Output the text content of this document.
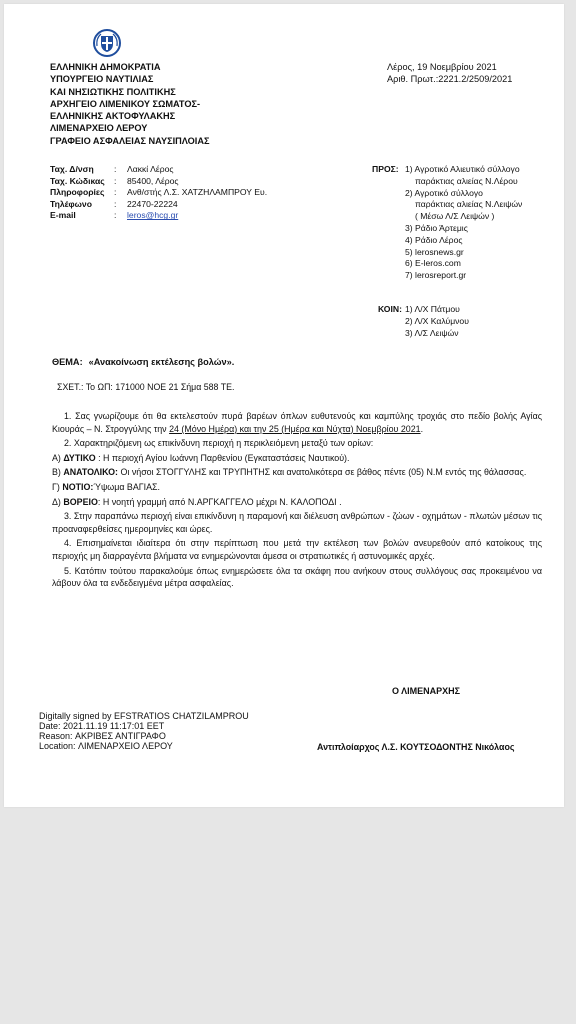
ΕΛΛΗΝΙΚΗ ΔΗΜΟΚΡΑΤΙΑ
ΥΠΟΥΡΓΕΙΟ ΝΑΥΤΙΛΙΑΣ
ΚΑΙ ΝΗΣΙΩΤΙΚΗΣ ΠΟΛΙΤΙΚΗΣ
ΑΡΧΗΓΕΙΟ ΛΙΜΕΝΙΚΟΥ ΣΩΜΑΤΟΣ-
ΕΛΛΗΝΙΚΗΣ ΑΚΤΟΦΥΛΑΚΗΣ
ΛΙΜΕΝΑΡΧΕΙΟ ΛΕΡΟΥ
ΓΡΑΦΕΙΟ ΑΣΦΑΛΕΙΑΣ ΝΑΥΣΙΠΛΟΙΑΣ
Λέρος, 19 Νοεμβρίου 2021
Αριθ. Πρωτ.:2221.2/2509/2021
Ταχ. Δ/νση	:	Λακκί Λέρος
Ταχ. Κώδικας	:	85400, Λέρος
Πληροφορίες	:	Ανθ/στής Λ.Σ. ΧΑΤΖΗΛΑΜΠΡΟΥ Ευ.
Τηλέφωνο	:	22470-22224
E-mail	:	leros@hcg.gr
ΠΡΟΣ: 1) Αγροτικό Αλιευτικό σύλλογο
παράκτιας αλιείας Ν.Λέρου
2) Αγροτικό σύλλογο
παράκτιας αλιείας Ν.Λειψών
( Μέσω Λ/Σ Λειψών )
3) Ράδιο Άρτεμις
4) Ράδιο Λέρος
5) lerosnews.gr
6) E-leros.com
7) lerosreport.gr
ΚΟΙΝ: 1) Λ/Χ Πάτμου
2) Λ/Χ Καλύμνου
3) Λ/Σ Λειψών
ΘΕΜΑ: «Ανακοίνωση εκτέλεσης βολών».
ΣΧΕΤ.: Το ΩΠ: 171000 ΝΟΕ 21 Σήμα 588 ΤΕ.

1. Σας γνωρίζουμε ότι θα εκτελεστούν πυρά βαρέων όπλων ευθυτενούς και καμπύλης τροχιάς στο πεδίο βολής Αγίας Κιουράς – Ν. Στρογγύλης την 24 (Μόνο Ημέρα) και την 25 (Ημέρα και Νύχτα) Νοεμβρίου 2021.

2. Χαρακτηριζόμενη ως επικίνδυνη περιοχή η περικλειόμενη μεταξύ των ορίων:

Α) ΔΥΤΙΚΟ : Η περιοχή Αγίου Ιωάννη Παρθενίου (Εγκαταστάσεις Ναυτικού).

Β) ΑΝΑΤΟΛΙΚΟ: Οι νήσοι ΣΤΟΓΓΥΛΗΣ και ΤΡΥΠΗΤΗΣ και ανατολικότερα σε βάθος πέντε (05) Ν.Μ εντός της θάλασσας.

Γ) ΝΟΤΙΟ:Ύψωμα ΒΑΓΙΑΣ.

Δ) ΒΟΡΕΙΟ: Η νοητή γραμμή από Ν.ΑΡΓΚΑΓΓΕΛΟ μέχρι Ν. ΚΑΛΟΠΟΔΙ .

3. Στην παραπάνω περιοχή είναι επικίνδυνη η παραμονή και διέλευση ανθρώπων - ζώων - οχημάτων - πλωτών μέσων τις προαναφερθείσες ημερομηνίες και ώρες.

4. Επισημαίνεται ιδιαίτερα ότι στην περίπτωση που μετά την εκτέλεση των βολών ανευρεθούν από κατοίκους της περιοχής μη διαρραγέντα βλήματα να ενημερώνονται άμεσα οι στρατιωτικές ή αστυνομικές αρχές.

5. Κατόπιν τούτου παρακαλούμε όπως ενημερώσετε όλα τα σκάφη που ανήκουν στους συλλόγους σας προκειμένου να λάβουν όλα τα ενδεδειγμένα μέτρα ασφαλείας.

Ο ΛΙΜΕΝΑΡΧΗΣ
Digitally signed by EFSTRATIOS CHATZILAMPROU
Date: 2021.11.19 11:17:01 EET
Reason: ΑΚΡΙΒΕΣ ΑΝΤΙΓΡΑΦΟ
Location: ΛΙΜΕΝΑΡΧΕΙΟ ΛΕΡΟΥ	Αντιπλοίαρχος Λ.Σ. ΚΟΥΤΣΟΔΟΝΤΗΣ Νικόλαος
